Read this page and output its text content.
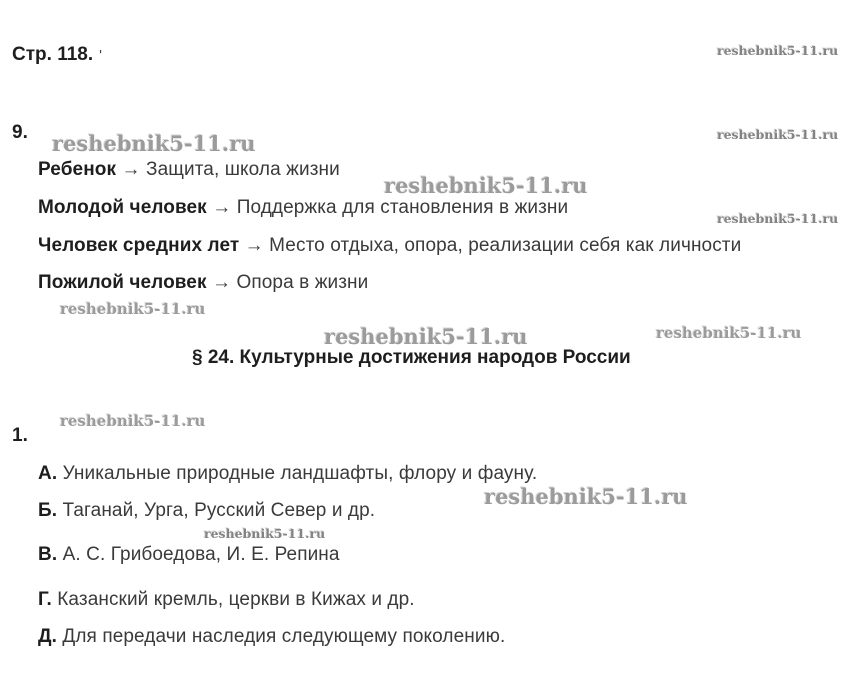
Стр. 118. '
9.
Ребенок → Защита, школа жизни
Молодой человек → Поддержка для становления в жизни
Человек средних лет → Место отдыха, опора, реализации себя как личности
Пожилой человек → Опора в жизни
§ 24. Культурные достижения народов России
1.
А. Уникальные природные ландшафты, флору и фауну.
Б. Таганай, Урга, Русский Север и др.
В. А. С. Грибоедова, И. Е. Репина
Г. Казанский кремль, церкви в Кижах и др.
Д. Для передачи наследия следующему поколению.
reshebnik5-11.ru
reshebnik5-11.ru	reshebnik5-11.ru
reshebnik5-11.ru
reshebnik5-11.ru
reshebnik5-11.ru
reshebnik5-11.ru	reshebnik5-11.ru
reshebnik5-11.ru
reshebnik5-11.ru
reshebnik5-11.ru
